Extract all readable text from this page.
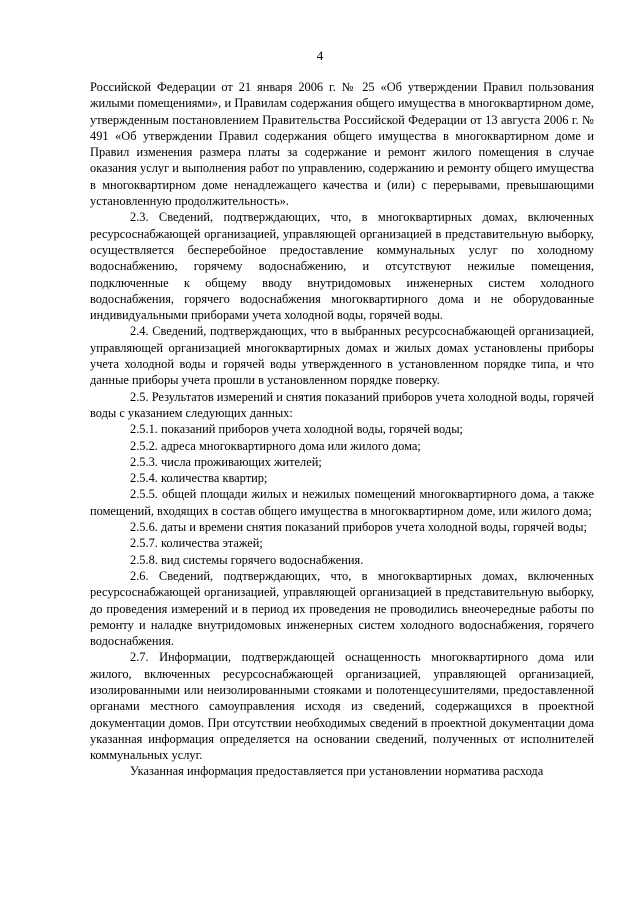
4

Российской Федерации от 21 января 2006 г. № 25 «Об утверждении Правил пользования жилыми помещениями», и Правилам содержания общего имущества в многоквартирном доме, утвержденным постановлением Правительства Российской Федерации от 13 августа 2006 г. № 491 «Об утверждении Правил содержания общего имущества в многоквартирном доме и Правил изменения размера платы за содержание и ремонт жилого помещения в случае оказания услуг и выполнения работ по управлению, содержанию и ремонту общего имущества в многоквартирном доме ненадлежащего качества и (или) с перерывами, превышающими установленную продолжительность».

2.3. Сведений, подтверждающих, что, в многоквартирных домах, включенных ресурсоснабжающей организацией, управляющей организацией в представительную выборку, осуществляется бесперебойное предоставление коммунальных услуг по холодному водоснабжению, горячему водоснабжению, и отсутствуют нежилые помещения, подключенные к общему вводу внутридомовых инженерных систем холодного водоснабжения, горячего водоснабжения многоквартирного дома и не оборудованные индивидуальными приборами учета холодной воды, горячей воды.

2.4. Сведений, подтверждающих, что в выбранных ресурсоснабжающей организацией, управляющей организацией многоквартирных домах и жилых домах установлены приборы учета холодной воды и горячей воды утвержденного в установленном порядке типа, и что данные приборы учета прошли в установленном порядке поверку.

2.5. Результатов измерений и снятия показаний приборов учета холодной воды, горячей воды с указанием следующих данных:

2.5.1. показаний приборов учета холодной воды, горячей воды;

2.5.2. адреса многоквартирного дома или жилого дома;

2.5.3. числа проживающих жителей;

2.5.4. количества квартир;

2.5.5. общей площади жилых и нежилых помещений многоквартирного дома, а также помещений, входящих в состав общего имущества в многоквартирном доме, или жилого дома;

2.5.6. даты и времени снятия показаний приборов учета холодной воды, горячей воды;

2.5.7. количества этажей;

2.5.8. вид системы горячего водоснабжения.

2.6. Сведений, подтверждающих, что, в многоквартирных домах, включенных ресурсоснабжающей организацией, управляющей организацией в представительную выборку, до проведения измерений и в период их проведения не проводились внеочередные работы по ремонту и наладке внутридомовых инженерных систем холодного водоснабжения, горячего водоснабжения.

2.7. Информации, подтверждающей оснащенность многоквартирного дома или жилого, включенных ресурсоснабжающей организацией, управляющей организацией, изолированными или неизолированными стояками и полотенцесушителями, предоставленной органами местного самоуправления исходя из сведений, содержащихся в проектной документации домов. При отсутствии необходимых сведений в проектной документации дома указанная информация определяется на основании сведений, полученных от исполнителей коммунальных услуг.

Указанная информация предоставляется при установлении норматива расхода
